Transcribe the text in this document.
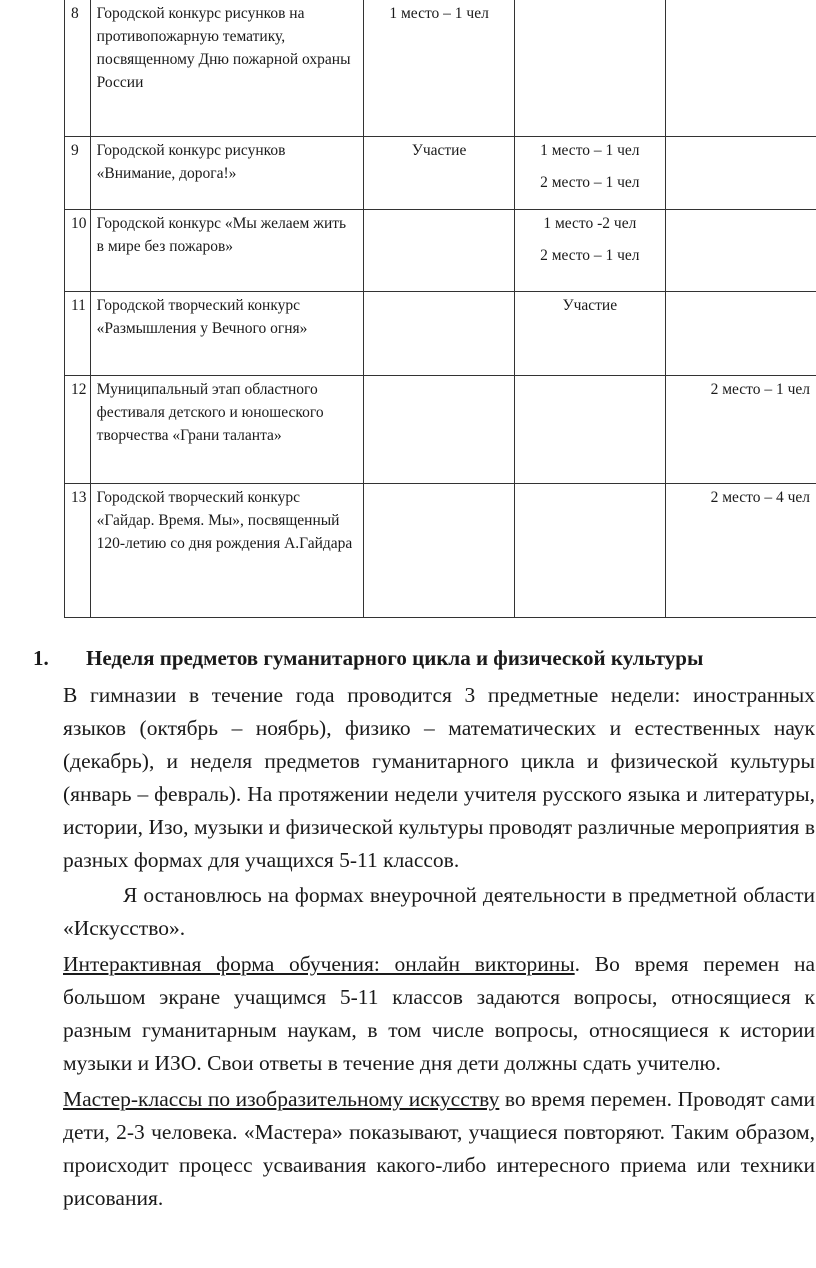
8	Городской конкурс рисунков на противопожарную тематику, посвященному Дню пожарной охраны России	1 место – 1 чел		
9	Городской конкурс рисунков «Внимание, дорога!»	Участие	1 место – 1 чел
2 место – 1 чел	

10	Городской конкурс «Мы желаем жить в мире без пожаров»		1 место -2 чел
2 место – 1 чел	

11	Городской творческий конкурс «Размышления у Вечного огня»		Участие	
12	Муниципальный этап областного фестиваля детского и юношеского творчества «Грани таланта»			2 место – 1 чел
13	Городской творческий конкурс «Гайдар. Время. Мы», посвященный 120-летию со дня рождения А.Гайдара			2 место – 4 чел
1. Неделя предметов гуманитарного цикла и физической культуры

В гимназии в течение года проводится 3 предметные недели: иностранных языков (октябрь – ноябрь), физико – математических и естественных наук (декабрь), и неделя предметов гуманитарного цикла и физической культуры (январь – февраль). На протяжении недели учителя русского языка и литературы, истории, Изо, музыки и физической культуры проводят различные мероприятия в разных формах для учащихся 5-11 классов.

Я остановлюсь на формах внеурочной деятельности в предметной области «Искусство».

Интерактивная форма обучения: онлайн викторины. Во время перемен на большом экране учащимся 5-11 классов задаются вопросы, относящиеся к разным гуманитарным наукам, в том числе вопросы, относящиеся к истории музыки и ИЗО. Свои ответы в течение дня дети должны сдать учителю.

Мастер-классы по изобразительному искусству во время перемен. Проводят сами дети, 2-3 человека. «Мастера» показывают, учащиеся повторяют. Таким образом, происходит процесс усваивания какого-либо интересного приема или техники рисования.
